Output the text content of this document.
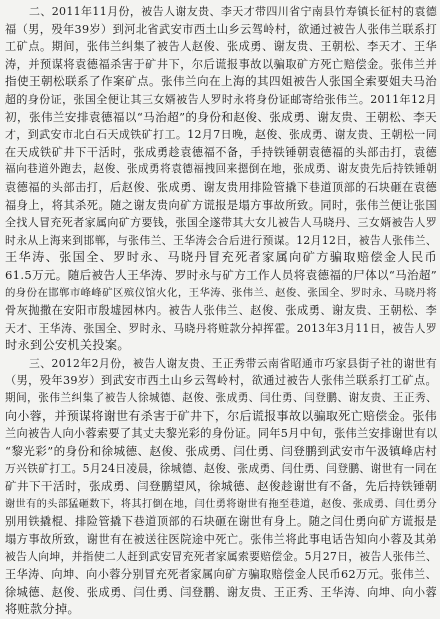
二、2011年11月份，被告人谢友贵、李天才带四川省宁南县竹寿镇长征村的袁德
福（男，殁年39岁）到河北省武安市西土山乡云驾岭村，欲通过被告人张伟兰联系打
工矿点。期间，张伟兰纠集了被告人赵俊、张成勇、谢友贵、王朝松、李天才、王华
涛，并预谋将袁德福杀害于矿井下，尔后谎报事故以骗取矿方死亡赔偿金。张伟兰并
指使王朝松联系了作案矿点。张伟兰向在上海的其四姐被告人张国全索要姐夫马治
超的身份证，张国全便让其三女婿被告人罗时永将身份证邮寄给张伟兰。2011年12月
初，张伟兰安排袁德福以“马治超”的身份和赵俊、张成勇、谢友贵、王朝松、李天
才，到武安市北白石天成铁矿打工。12月7日晚，赵俊、张成勇、谢友贵、王朝松一同
在天成铁矿井下干活时，张成勇趁袁德福不备，手持铁锤朝袁德福的头部击打，袁德
福向巷道外跑去，赵俊、张成勇将袁德福拽回来摁倒在地，张成勇、谢友贵先后持铁锤朝
袁德福的头部击打，后赵俊、张成勇、谢友贵用排险管撬下巷道顶部的石块砸在袁德
福身上，将其杀死。随之谢友贵向矿方谎报是塌方事故所致。同时，张伟兰便让张国
全找人冒充死者家属向矿方要钱，张国全遂带其大女儿被告人马晓丹、三女婿被告人罗
时永从上海来到邯郸，与张伟兰、王华涛会合后进行预谋。12月12日，被告人张伟兰、
王华涛、张国全、罗时永、马晓丹冒充死者家属向矿方骗取赔偿金人民币
61.5万元。随后被告人王华涛、罗时永与矿方工作人员将袁德福的尸体以“马治超”
的身份在邯郸市峰峰矿区殡仪馆火化，王华涛、张伟兰、赵俊、张国全、罗时永、马晓丹将
骨灰抛撒在安阳市殷墟园林内。被告人张伟兰、赵俊、张成勇、谢友贵、王朝松、李
天才、王华涛、张国全、罗时永、马晓丹将赃款分掉挥霍。2013年3月11日，被告人罗
时永到公安机关投案。
三、2012年2月份，被告人谢友贵、王正秀带云南省昭通市巧家县街子社的谢世有
（男，殁年39岁）到武安市西土山乡云驾岭村，欲通过被告人张伟兰联系打工矿点。
期间，张伟兰纠集了被告人徐城德、赵俊、张成勇、闫仕勇、闫登鹏、谢友贵、王正秀、
向小蓉，并预谋将谢世有杀害于矿井下，尔后谎报事故以骗取死亡赔偿金。张伟
兰向被告人向小蓉索要了其丈夫黎光彩的身份证。同年5月中旬，张伟兰安排谢世有以
“黎光彩”的身份和徐城德、赵俊、张成勇、闫仕勇、闫登鹏到武安市午汲镇峰店村
万兴铁矿打工。5月24日凌晨，徐城德、赵俊、张成勇、闫仕勇、闫登鹏、谢世有一同在
矿井下干活时，张成勇、闫登鹏望风，徐城德、赵俊趁谢世有不备，先后持铁锤朝
谢世有的头部猛砸数下，将其打倒在地，闫仕勇将谢世有拖至巷道，赵俊、张成勇、闫仕勇分
别用铁撬棍、排险管撬下巷道顶部的石块砸在谢世有身上。随之闫仕勇向矿方谎报是
塌方事故所致，谢世有在被送往医院途中死亡。张伟兰将此事电话告知向小蓉及其弟
被告人向坤，并指使二人赶到武安冒充死者家属索要赔偿金。5月27日，被告人张伟兰、
王华涛、向坤、向小蓉分别冒充死者家属向矿方骗取赔偿金人民币62万元。张伟兰、
徐城德、赵俊、张成勇、闫仕勇、闫登鹏、谢友贵、王正秀、王华涛、向坤、向小蓉
将赃款分掉。
